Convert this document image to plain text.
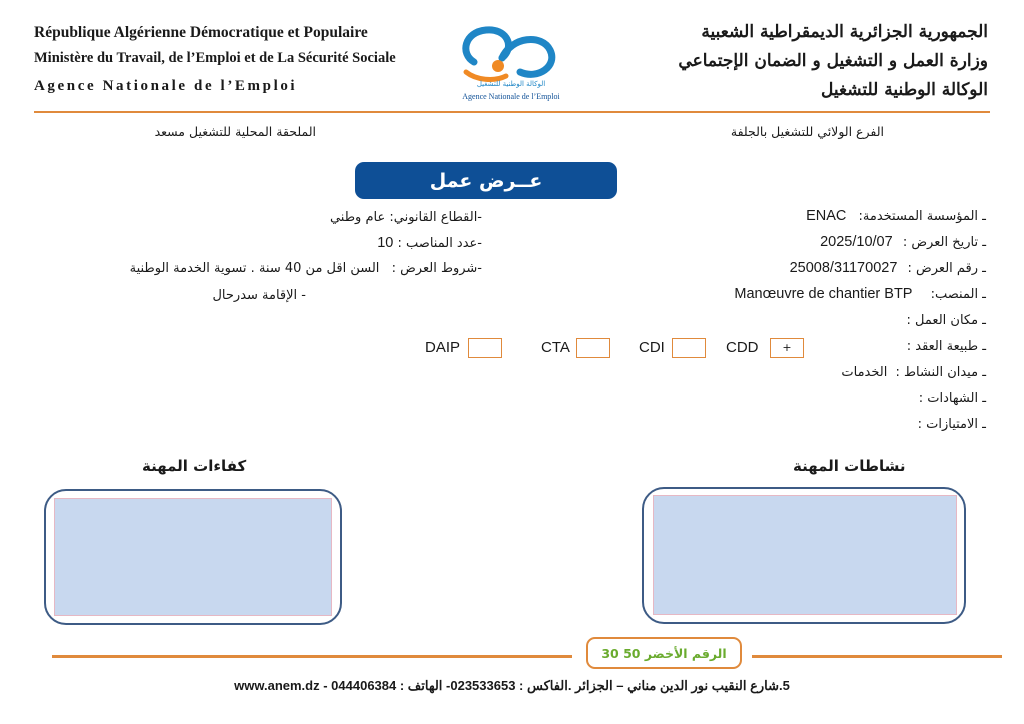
République Algérienne Démocratique et Populaire
Ministère du Travail, de l’Emploi et de La Sécurité Sociale
Agence Nationale de l’Emploi	الوكالة الوطنية للتشغيل
Agence Nationale de l’Emploi
الجمهورية الجزائرية الديمقراطية الشعبية
وزارة العمل و التشغيل و الضمان الإجتماعي
الوكالة الوطنية للتشغيل
الفرع الولائي للتشغيل بالجلفة
الملحقة المحلية للتشغيل مسعد
عــرض عمل
ـ المؤسسة المستخدمة: ENAC
ـ تاريخ العرض : 2025/10/07
ـ رقم العرض : 25008/31170027
ـ المنصب: Manœuvre de chantier BTP
ـ مكان العمل :
ـ طبيعة العقد :
ـ ميدان النشاط : الخدمات
ـ الشهادات :
ـ الامتيازات :
-القطاع القانوني: عام وطني
-عدد المناصب : 10
-شروط العرض : السن اقل من 40 سنة . تسوية الخدمة الوطنية
- الإقامة سدرحال
CDD	+
CDI
CTA
DAIP
نشاطات المهنة
كفاءات المهنة
الرقم الأخضر 50 30
5.شارع النقيب نور الدين مناني – الجزائر .الفاكس : 023533653- الهاتف : 044406384 - www.anem.dz
